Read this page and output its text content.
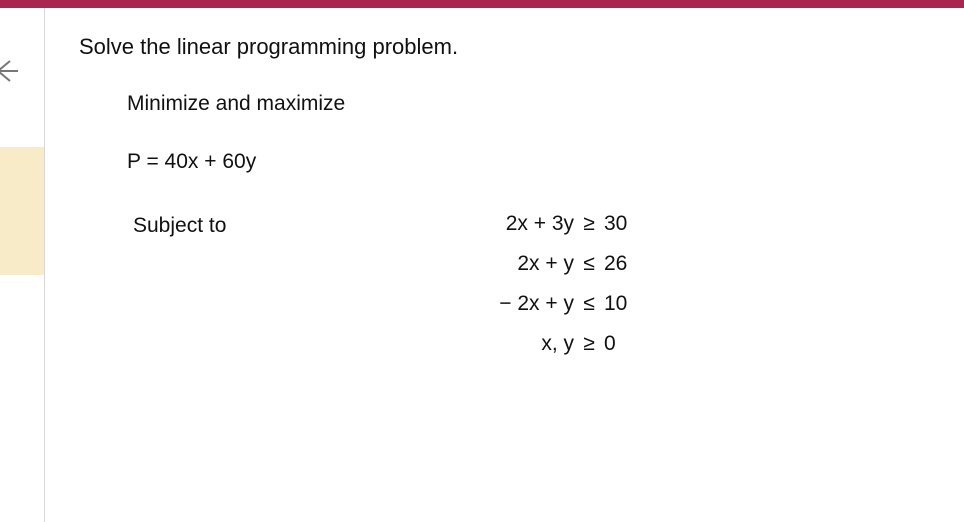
Solve the linear programming problem.
Minimize and maximize
P = 40x + 60y
Subject to	2x + 3y ≥ 30
2x + y ≤ 26
− 2x + y ≤ 10
x, y ≥ 0
